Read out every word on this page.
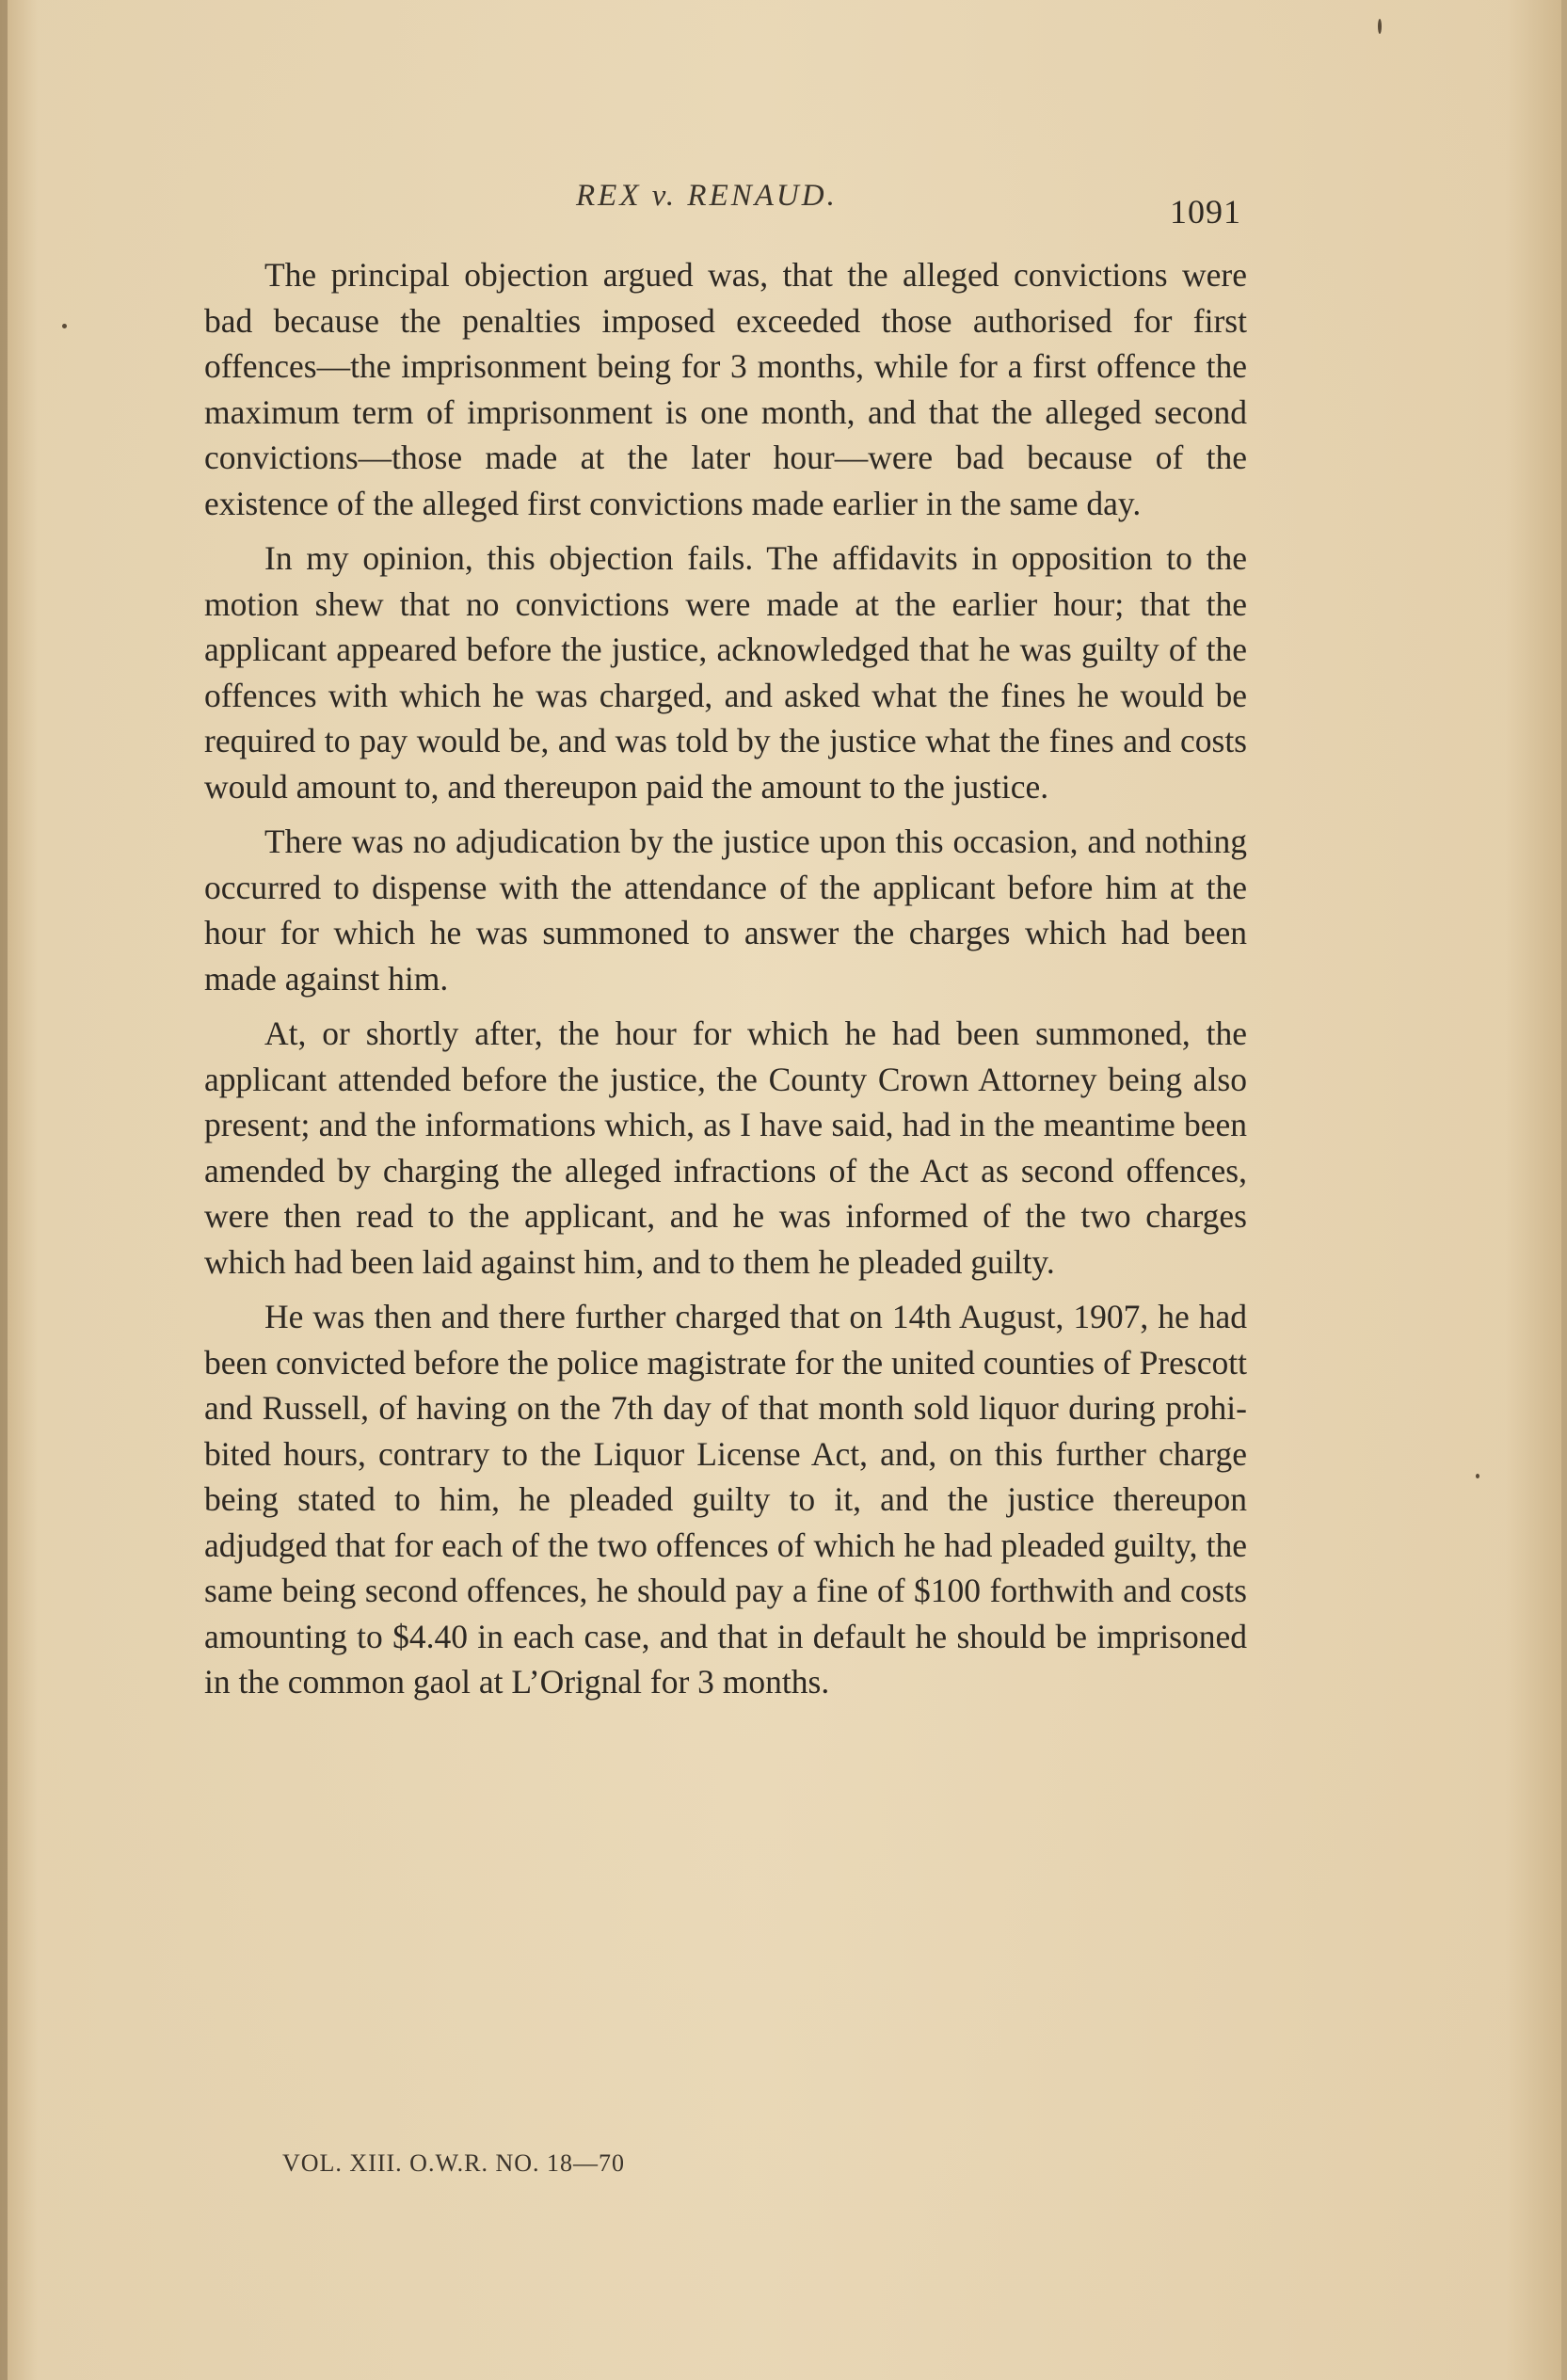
REX v. RENAUD.	1091

The principal objection argued was, that the alleged convictions were bad because the penalties imposed exceeded those authorised for first offences—the imprisonment being for 3 months, while for a first offence the maximum term of imprisonment is one month, and that the alleged second convictions—those made at the later hour—were bad because of the existence of the alleged first convictions made earlier in the same day.

In my opinion, this objection fails. The affidavits in opposition to the motion shew that no convictions were made at the earlier hour; that the applicant appeared before the justice, acknowledged that he was guilty of the offences with which he was charged, and asked what the fines he would be required to pay would be, and was told by the justice what the fines and costs would amount to, and thereupon paid the amount to the justice.

There was no adjudication by the justice upon this occasion, and nothing occurred to dispense with the attendance of the applicant before him at the hour for which he was summoned to answer the charges which had been made against him.

At, or shortly after, the hour for which he had been summoned, the applicant attended before the justice, the County Crown Attorney being also present; and the informations which, as I have said, had in the meantime been amended by charging the alleged infractions of the Act as second offences, were then read to the applicant, and he was informed of the two charges which had been laid against him, and to them he pleaded guilty.

He was then and there further charged that on 14th August, 1907, he had been convicted before the police magistrate for the united counties of Prescott and Russell, of having on the 7th day of that month sold liquor during prohibited hours, contrary to the Liquor License Act, and, on this further charge being stated to him, he pleaded guilty to it, and the justice thereupon adjudged that for each of the two offences of which he had pleaded guilty, the same being second offences, he should pay a fine of $100 forthwith and costs amounting to $4.40 in each case, and that in default he should be imprisoned in the common gaol at L’Orignal for 3 months.

VOL. XIII. O.W.R. NO. 18—70
